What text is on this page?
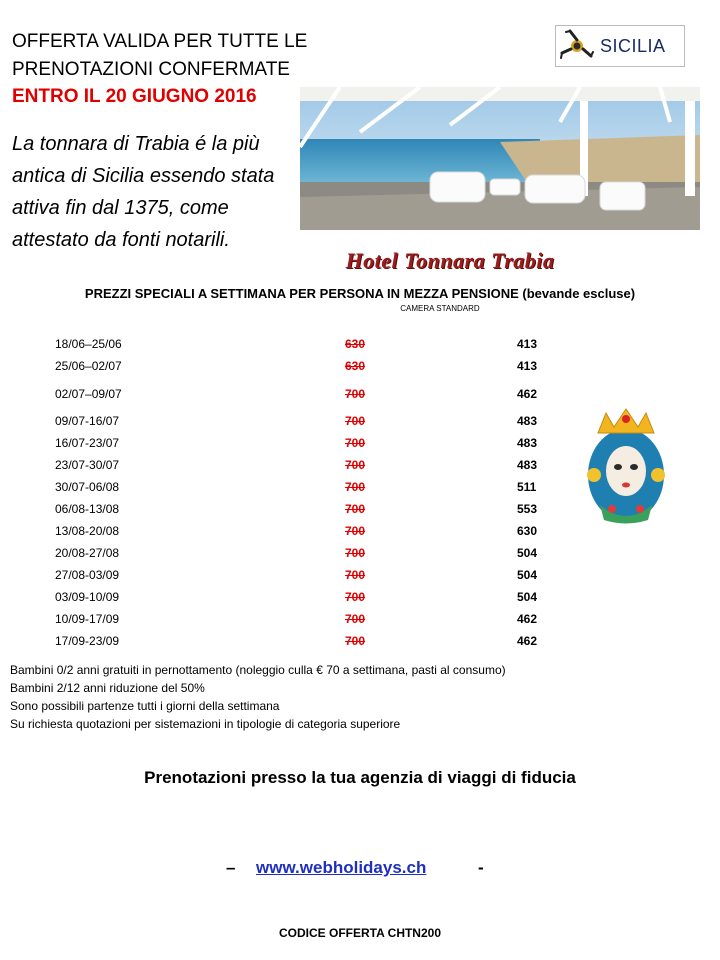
OFFERTA VALIDA PER TUTTE LE
PRENOTAZIONI CONFERMATE
ENTRO IL 20 GIUGNO 2016
La tonnara di Trabia é la più antica di Sicilia essendo stata attiva fin dal 1375, come attestato da fonti notarili.
SICILIA
Hotel Tonnara Trabia
PREZZI SPECIALI A SETTIMANA PER PERSONA IN MEZZA PENSIONE (bevande escluse)
CAMERA STANDARD
18/06–25/06	630	413
25/06–02/07	630	413
02/07–09/07	700	462
09/07-16/07	700	483
16/07-23/07	700	483
23/07-30/07	700	483
30/07-06/08	700	511
06/08-13/08	700	553
13/08-20/08	700	630
20/08-27/08	700	504
27/08-03/09	700	504
03/09-10/09	700	504
10/09-17/09	700	462
17/09-23/09	700	462
Bambini 0/2 anni gratuiti in pernottamento (noleggio culla € 70 a settimana, pasti al consumo)
Bambini 2/12 anni riduzione del 50%
Sono possibili partenze tutti i giorni della settimana
Su richiesta quotazioni per sistemazioni in tipologie di categoria superiore
Prenotazioni presso la tua agenzia di viaggi di fiducia
– www.webholidays.ch	-
CODICE OFFERTA CHTN200
